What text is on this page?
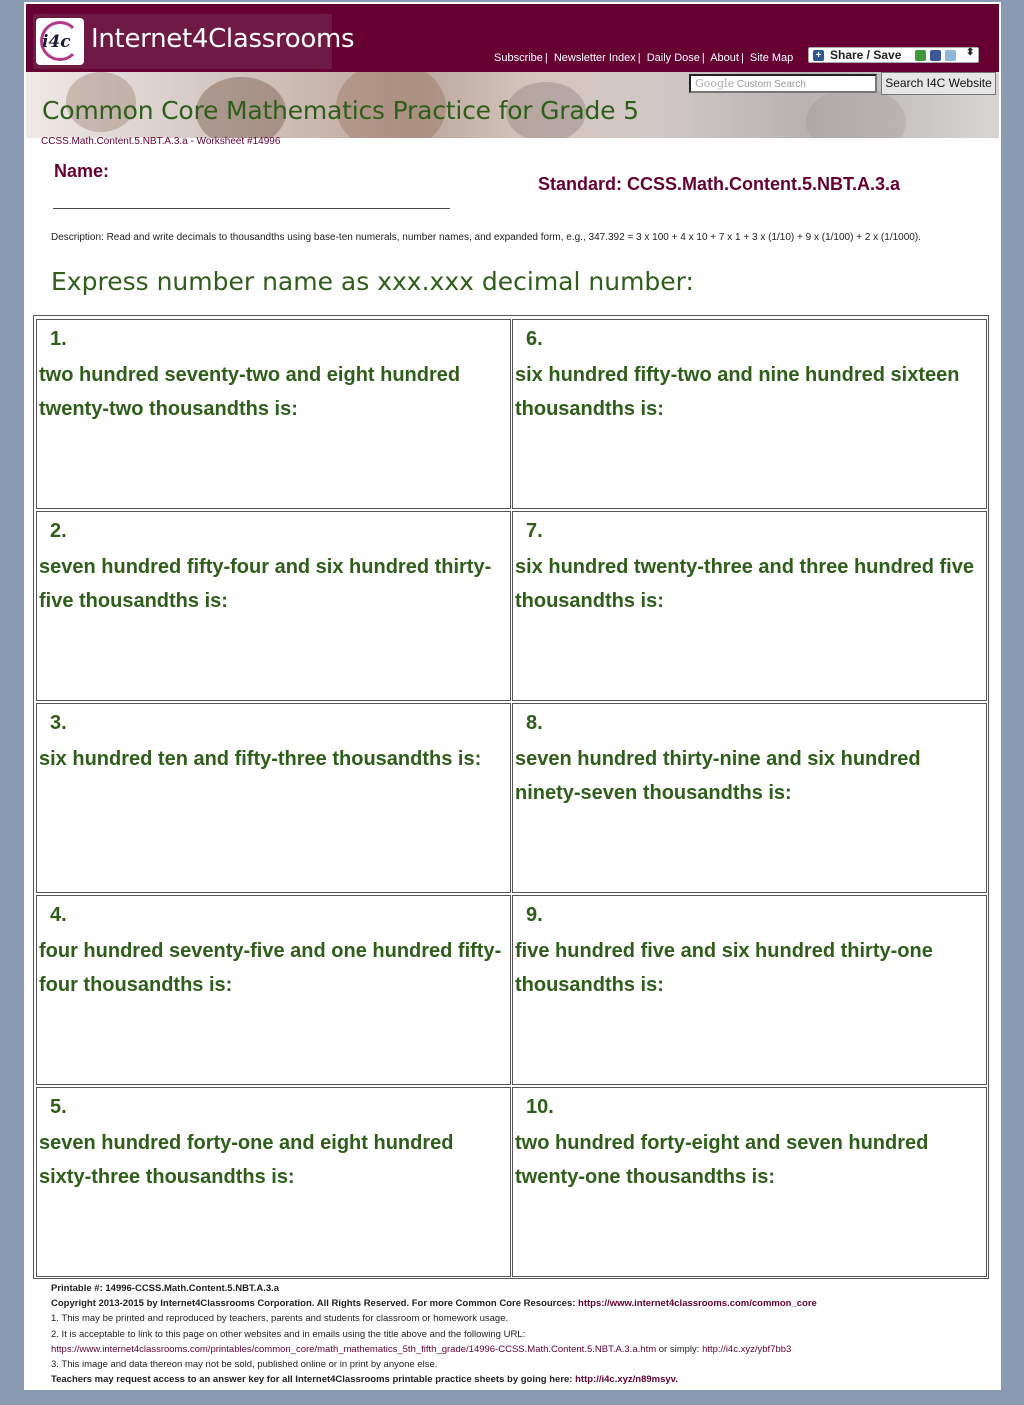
i4c Internet4Classrooms
Subscribe | Newsletter Index | Daily Dose | About | Site Map + Share / Save	⬍
Google Custom Search	Search I4C Website
Common Core Mathematics Practice for Grade 5
CCSS.Math.Content.5.NBT.A.3.a - Worksheet #14996
Name:
Standard: CCSS.Math.Content.5.NBT.A.3.a
Description: Read and write decimals to thousandths using base-ten numerals, number names, and expanded form, e.g., 347.392 = 3 x 100 + 4 x 10 + 7 x 1 + 3 x (1/10) + 9 x (1/100) + 2 x (1/1000).
Express number name as xxx.xxx decimal number:
1.
two hundred seventy-two and eight hundred twenty-two thousandths is:
2.
seven hundred fifty-four and six hundred thirty-five thousandths is:
3.
six hundred ten and fifty-three thousandths is:
4.
four hundred seventy-five and one hundred fifty-four thousandths is:
5.
seven hundred forty-one and eight hundred sixty-three thousandths is:
6.
six hundred fifty-two and nine hundred sixteen thousandths is:
7.
six hundred twenty-three and three hundred five thousandths is:
8.
seven hundred thirty-nine and six hundred ninety-seven thousandths is:
9.
five hundred five and six hundred thirty-one thousandths is:
10.
two hundred forty-eight and seven hundred twenty-one thousandths is:
Printable #: 14996-CCSS.Math.Content.5.NBT.A.3.a
Copyright 2013-2015 by Internet4Classrooms Corporation. All Rights Reserved. For more Common Core Resources: https://www.internet4classrooms.com/common_core
1. This may be printed and reproduced by teachers, parents and students for classroom or homework usage.
2. It is acceptable to link to this page on other websites and in emails using the title above and the following URL:
https://www.internet4classrooms.com/printables/common_core/math_mathematics_5th_fifth_grade/14996-CCSS.Math.Content.5.NBT.A.3.a.htm or simply: http://i4c.xyz/ybf7bb3
3. This image and data thereon may not be sold, published online or in print by anyone else.
Teachers may request access to an answer key for all Internet4Classrooms printable practice sheets by going here: http://i4c.xyz/n89msyv.
